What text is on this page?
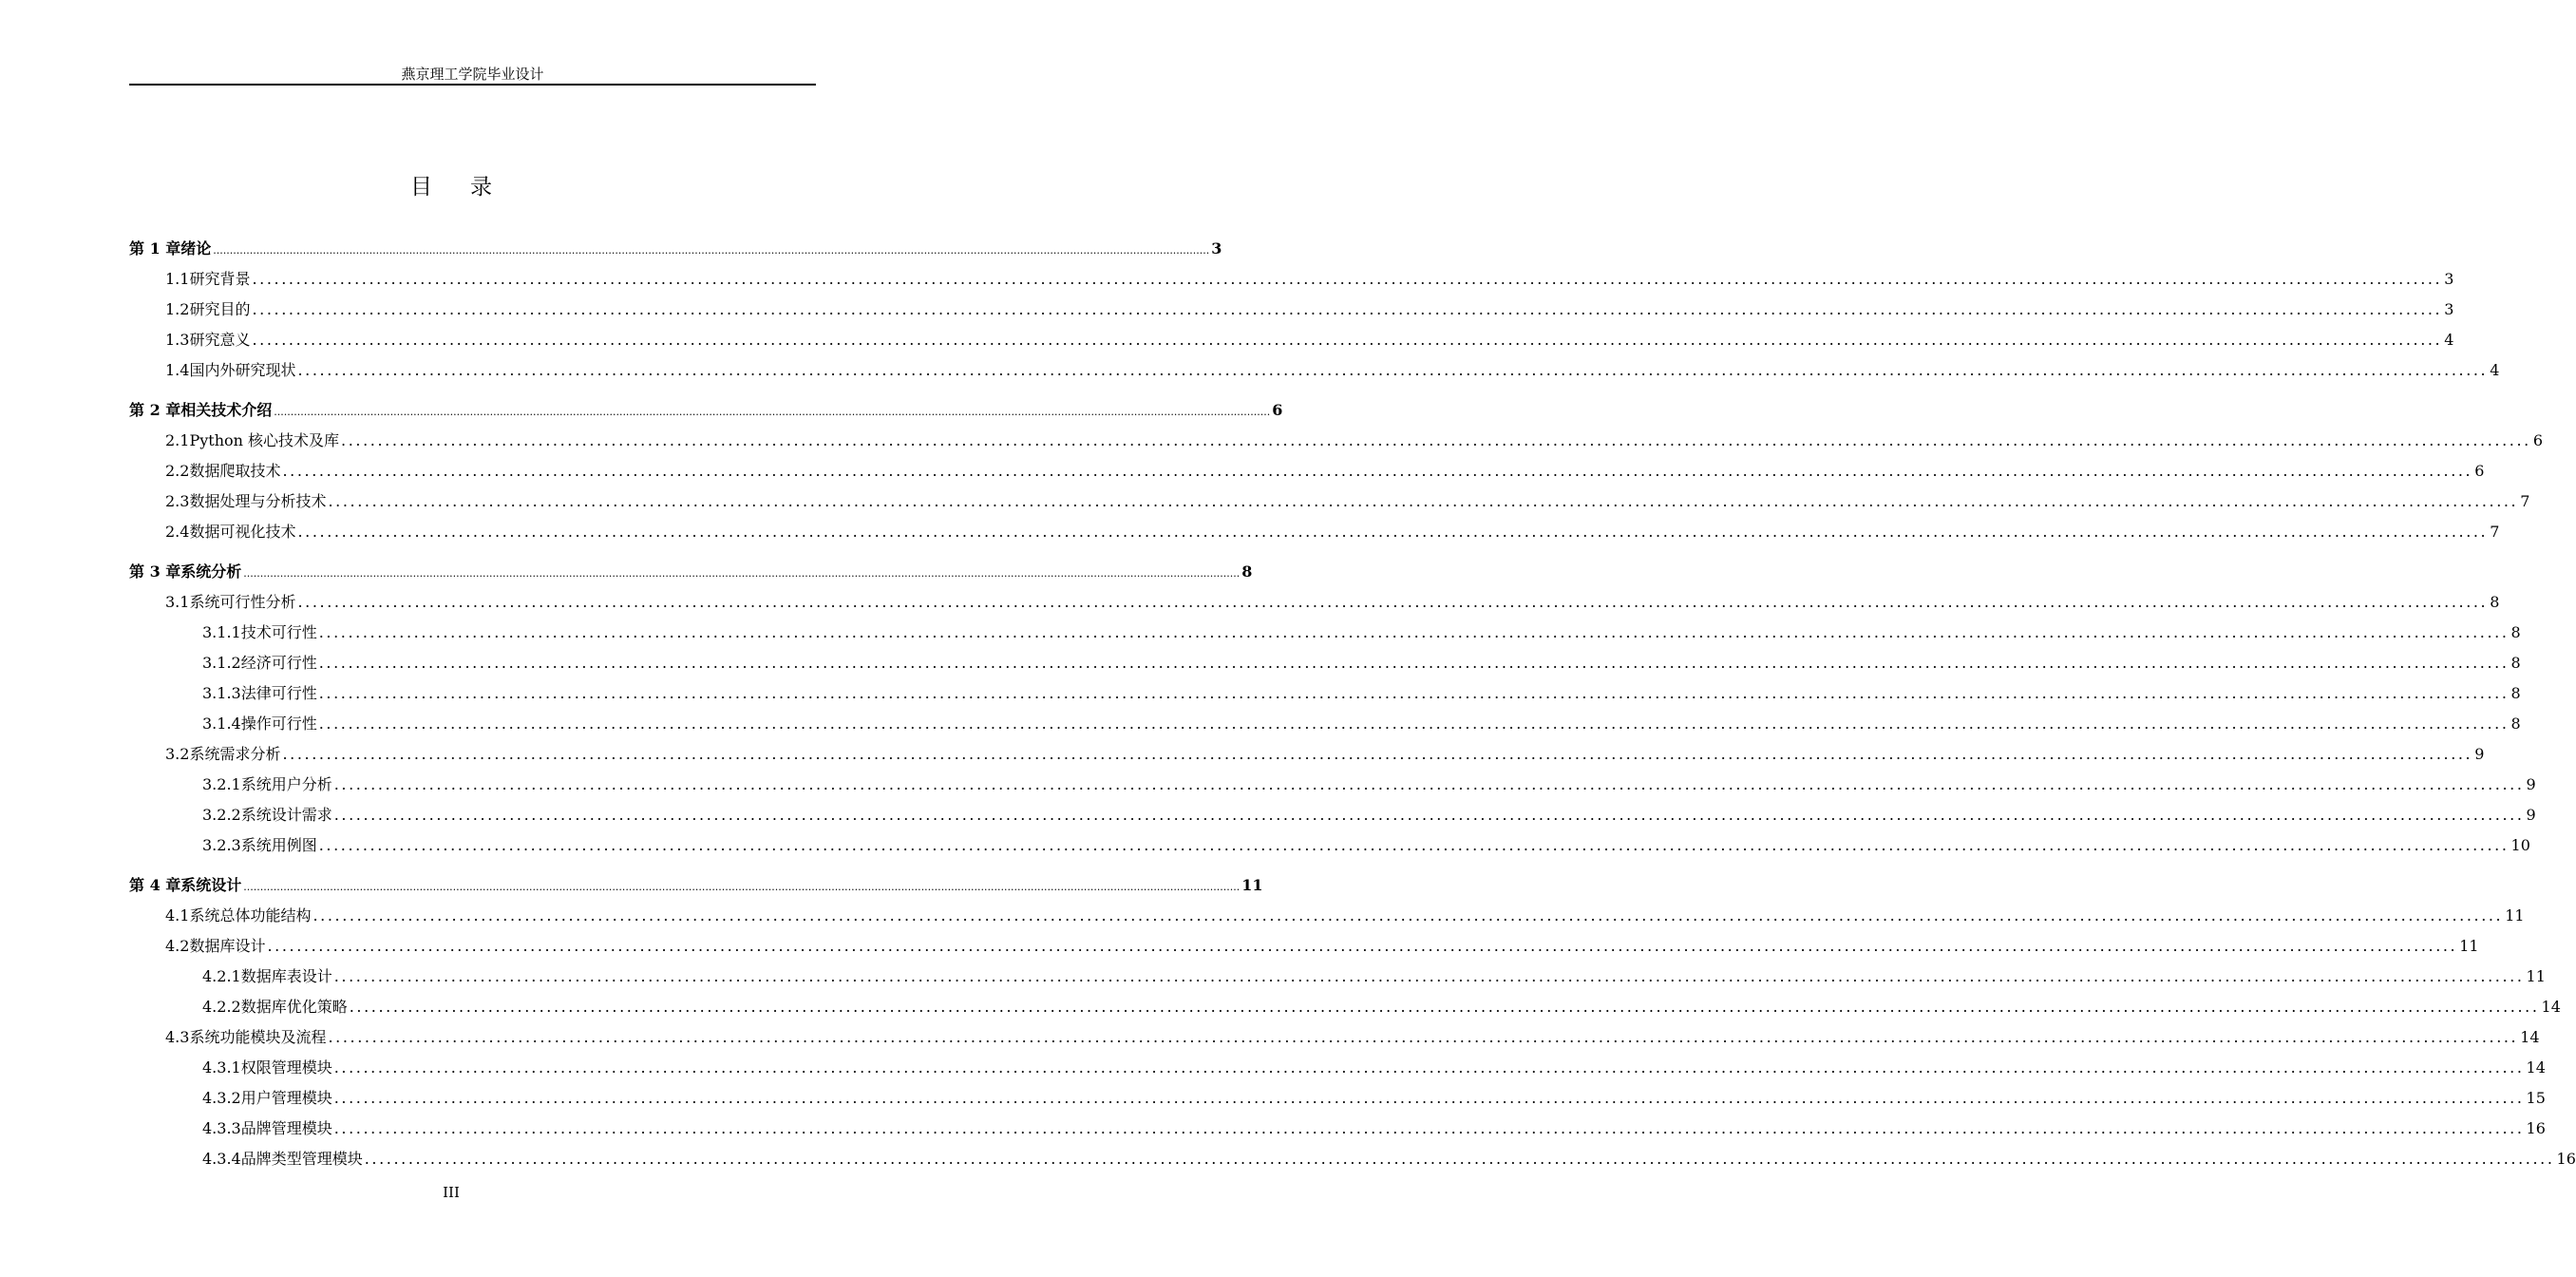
燕京理工学院毕业设计
目录
第 1 章 绪论 ............................................................................................................................................................................................................................................................................................................ 3
1.1 研究背景 ............................................................................................................................................................................................................................................................................................................ 3
1.2 研究目的 ............................................................................................................................................................................................................................................................................................................ 3
1.3 研究意义 ............................................................................................................................................................................................................................................................................................................ 4
1.4 国内外研究现状 ............................................................................................................................................................................................................................................................................................................ 4
第 2 章 相关技术介绍 ............................................................................................................................................................................................................................................................................................................ 6
2.1 Python 核心技术及库 ............................................................................................................................................................................................................................................................................................................ 6
2.2 数据爬取技术 ............................................................................................................................................................................................................................................................................................................ 6
2.3 数据处理与分析技术 ............................................................................................................................................................................................................................................................................................................ 7
2.4 数据可视化技术 ............................................................................................................................................................................................................................................................................................................ 7
第 3 章 系统分析 ............................................................................................................................................................................................................................................................................................................ 8
3.1 系统可行性分析 ............................................................................................................................................................................................................................................................................................................ 8
3.1.1 技术可行性 ............................................................................................................................................................................................................................................................................................................ 8
3.1.2 经济可行性 ............................................................................................................................................................................................................................................................................................................ 8
3.1.3 法律可行性 ............................................................................................................................................................................................................................................................................................................ 8
3.1.4 操作可行性 ............................................................................................................................................................................................................................................................................................................ 8
3.2 系统需求分析 ............................................................................................................................................................................................................................................................................................................ 9
3.2.1 系统用户分析 ............................................................................................................................................................................................................................................................................................................ 9
3.2.2 系统设计需求 ............................................................................................................................................................................................................................................................................................................ 9
3.2.3 系统用例图 ............................................................................................................................................................................................................................................................................................................ 10
第 4 章 系统设计 ............................................................................................................................................................................................................................................................................................................ 11
4.1 系统总体功能结构 ............................................................................................................................................................................................................................................................................................................ 11
4.2 数据库设计 ............................................................................................................................................................................................................................................................................................................ 11
4.2.1 数据库表设计 ............................................................................................................................................................................................................................................................................................................ 11
4.2.2 数据库优化策略 ............................................................................................................................................................................................................................................................................................................ 14
4.3 系统功能模块及流程 ............................................................................................................................................................................................................................................................................................................ 14
4.3.1 权限管理模块 ............................................................................................................................................................................................................................................................................................................ 14
4.3.2 用户管理模块 ............................................................................................................................................................................................................................................................................................................ 15
4.3.3 品牌管理模块 ............................................................................................................................................................................................................................................................................................................ 16
4.3.4 品牌类型管理模块 ............................................................................................................................................................................................................................................................................................................ 16
III
